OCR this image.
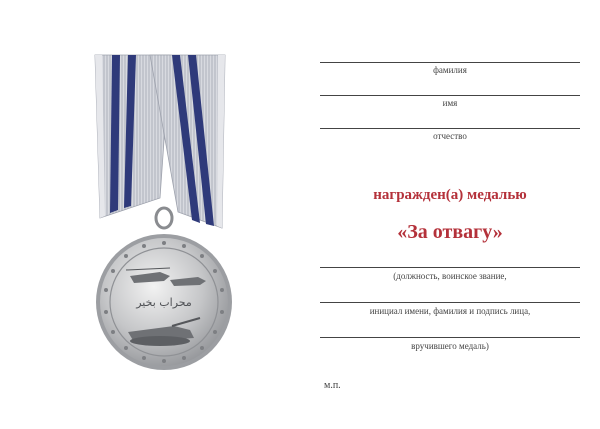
محراب بخير
фамилия
имя
отчество
награжден(а) медалью
«За отвагу»
(должность, воинское звание,
инициал имени, фамилия и подпись лица,
вручившего медаль)
м.п.
